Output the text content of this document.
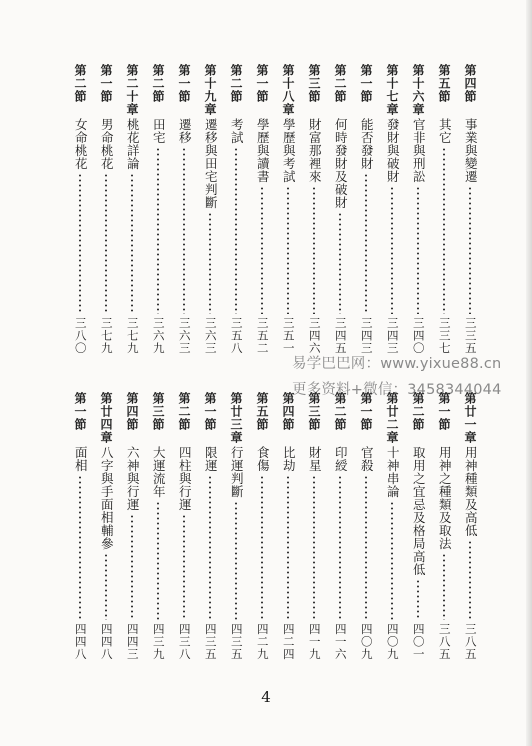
第四節
事業與變遷
三三五
第五節
其它
三三七
第十六章
官非與刑訟
三四〇
第十七章
發財與破財
三四三
第一節
能否發財
三四三
第二節
何時發財及破財
三四五
第三節
財富那裡來
三四六
第十八章
學歷與考試
三五一
第一節
學歷與讀書
三五二
第二節
考試
三五八
第十九章
遷移與田宅判斷
三六三
第一節
遷移
三六三
第二節
田宅
三六九
第二十章
桃花詳論
三七九
第一節
男命桃花
三七九
第二節
女命桃花
三八〇
易学巴巴网：www.yixue88.cn
更多资料+微信：3458344044
第廿一章
用神種類及高低
三八五
第一節
用神之種類及取法
三八五
第二節
取用之宜忌及格局高低
四〇一
第廿二章
十神串論
四〇九
第一節
官殺
四〇九
第二節
印綬
四一六
第三節
財星
四一九
第四節
比劫
四二四
第五節
食傷
四二九
第廿三章
行運判斷
四三五
第一節
限運
四三五
第二節
四柱與行運
四三八
第三節
大運流年
四三九
第四節
六神與行運
四四三
第廿四章
八字與手面相輔參
四四八
第一節
面相
四四八
4
